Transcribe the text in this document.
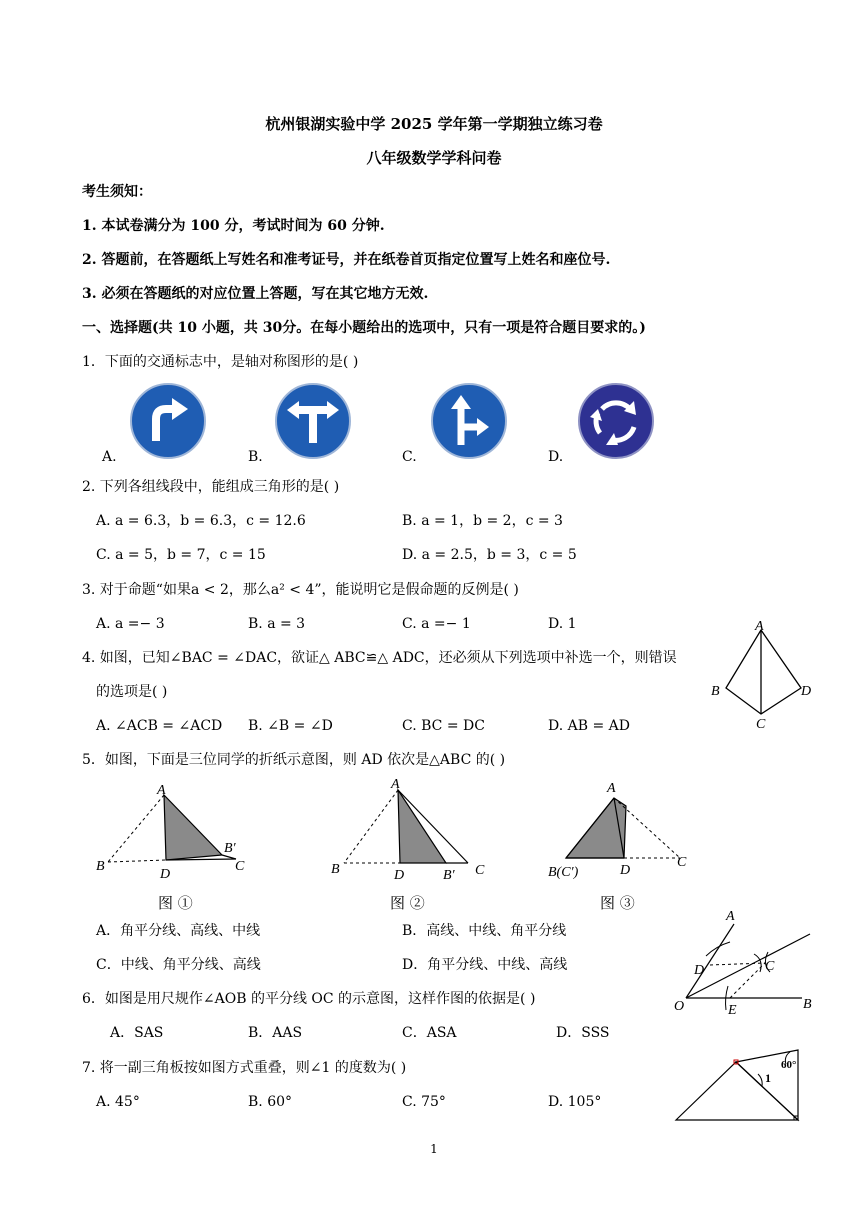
杭州银湖实验中学 2025 学年第一学期独立练习卷
八年级数学学科问卷
考生须知：
1. 本试卷满分为 100 分，考试时间为 60 分钟.
2. 答题前，在答题纸上写姓名和准考证号，并在纸卷首页指定位置写上姓名和座位号.
3. 必须在答题纸的对应位置上答题，写在其它地方无效.
一、选择题(共 10 小题，共 30分。在每小题给出的选项中，只有一项是符合题目要求的。)
1．下面的交通标志中，是轴对称图形的是( )
A.	B.	C.	D.
2. 下列各组线段中，能组成三角形的是( )
A. a = 6.3，b = 6.3，c = 12.6	B. a = 1，b = 2，c = 3
C. a = 5，b = 7，c = 15	D. a = 2.5，b = 3，c = 5
3. 对于命题“如果a < 2，那么a² < 4”，能说明它是假命题的反例是( )
A. a =− 3	B. a = 3	C. a =− 1	D. 1	A
B
C
D
4. 如图，已知∠BAC = ∠DAC，欲证△ ABC≌△ ADC，还必须从下列选项中补选一个，则错误
的选项是( )
A. ∠ACB = ∠ACD B. ∠B = ∠D	C. BC = DC	D. AB = AD
5．如图，下面是三位同学的折纸示意图，则 AD 依次是△ABC 的( )
A
B
D
B′
C
A
B	D	B′ C
A
B(C′)	D
C
图 ①	图 ②	图 ③
A．角平分线、高线、中线	B．高线、中线、角平分线
C．中线、角平分线、高线	D．角平分线、中线、高线
A
D	C
O	E	B
6．如图是用尺规作∠AOB 的平分线 OC 的示意图，这样作图的依据是( )
A．SAS	B．AAS	C．ASA	D．SSS
1
60°
7. 将一副三角板按如图方式重叠，则∠1 的度数为( )
A. 45°	B. 60°	C. 75°	D. 105°
1
